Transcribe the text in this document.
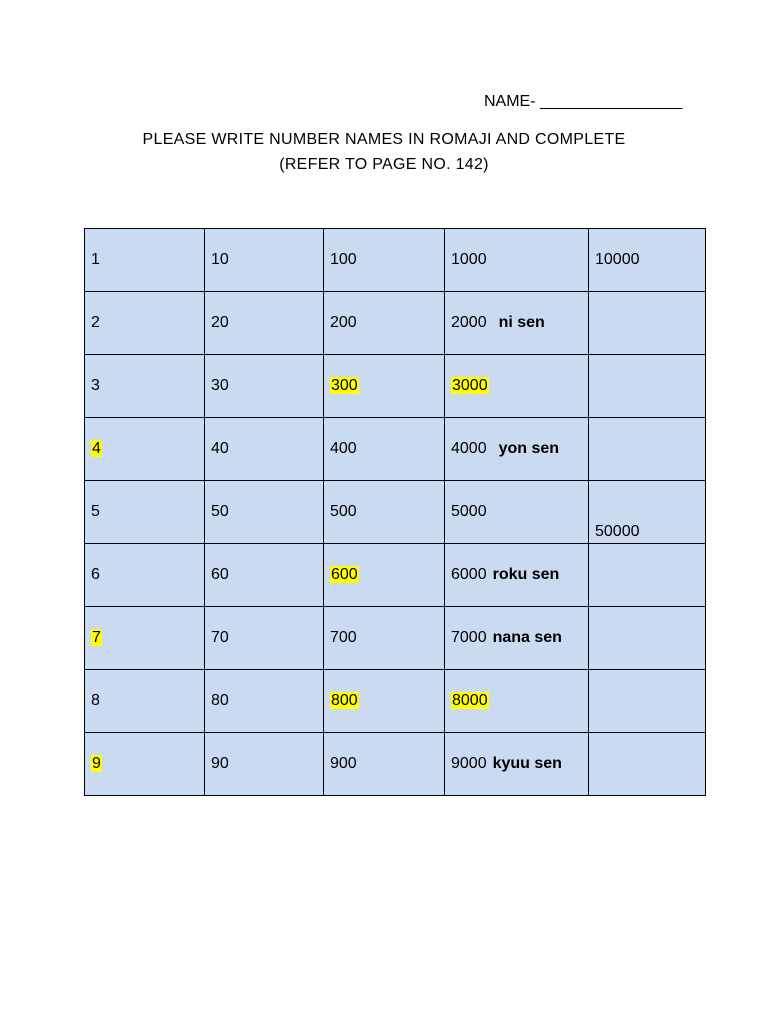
NAME- ________________
PLEASE WRITE NUMBER NAMES IN ROMAJI AND COMPLETE
(REFER TO PAGE NO. 142)
1	10	100	1000	10000
2	20	200	2000 ni sen	
3	30	300	3000	
4	40	400	4000 yon sen	
5	50	500	5000	50000
6	60	600	6000 roku sen	
7	70	700	7000 nana sen	
8	80	800	8000	
9	90	900	9000 kyuu sen	
